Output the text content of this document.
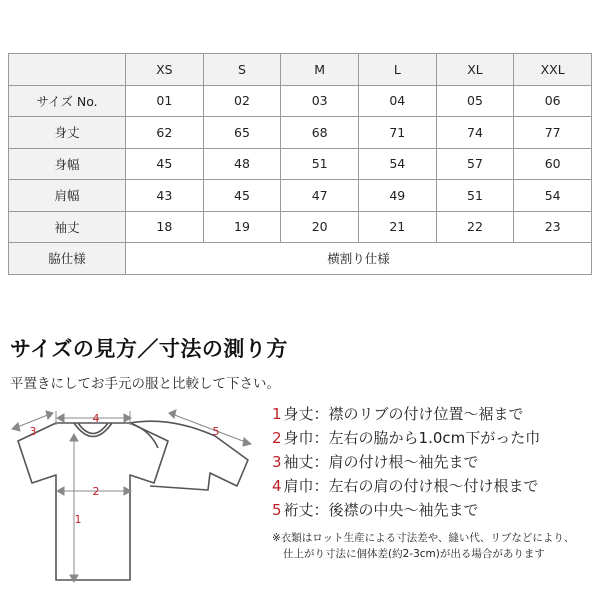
	XS	S	M	L	XL	XXL
サイズ No.	01	02	03	04	05	06
身丈	62	65	68	71	74	77
身幅	45	48	51	54	57	60
肩幅	43	45	47	49	51	54
袖丈	18	19	20	21	22	23
脇仕様	横割り仕様					
サイズの見方／寸法の測り方
平置きにしてお手元の服と比較して下さい。
1
2
3
4
5
1 身丈：襟のリブの付け位置〜裾まで
2 身巾：左右の脇から1.0cm下がった巾
3 袖丈：肩の付け根〜袖先まで
4 肩巾：左右の肩の付け根〜付け根まで
5 裄丈：後襟の中央〜袖先まで
※衣類はロット生産による寸法差や、縫い代、リブなどにより、
仕上がり寸法に個体差(約2-3cm)が出る場合があります
